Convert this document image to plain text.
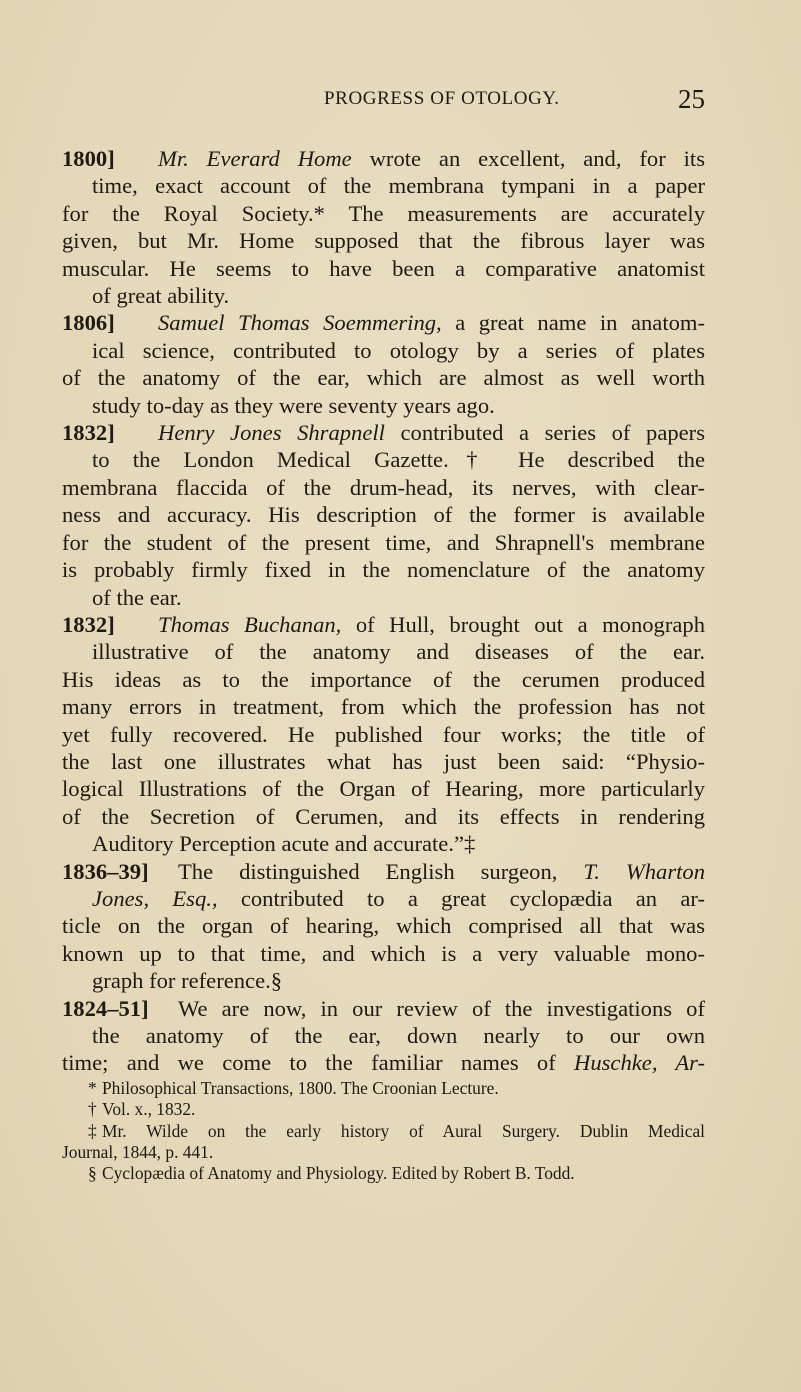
PROGRESS OF OTOLOGY.	25
1800] Mr. Everard Home wrote an excellent, and, for its
time, exact account of the membrana tympani in a paper
for the Royal Society.* The measurements are accurately
given, but Mr. Home supposed that the fibrous layer was
muscular. He seems to have been a comparative anatomist
of great ability.
1806] Samuel Thomas Soemmering, a great name in anatom-
ical science, contributed to otology by a series of plates
of the anatomy of the ear, which are almost as well worth
study to-day as they were seventy years ago.
1832] Henry Jones Shrapnell contributed a series of papers
to the London Medical Gazette.† He described the
membrana flaccida of the drum-head, its nerves, with clear-
ness and accuracy. His description of the former is available
for the student of the present time, and Shrapnell's membrane
is probably firmly fixed in the nomenclature of the anatomy
of the ear.
1832] Thomas Buchanan, of Hull, brought out a monograph
illustrative of the anatomy and diseases of the ear.
His ideas as to the importance of the cerumen produced
many errors in treatment, from which the profession has not
yet fully recovered. He published four works; the title of
the last one illustrates what has just been said: “Physio-
logical Illustrations of the Organ of Hearing, more particularly
of the Secretion of Cerumen, and its effects in rendering
Auditory Perception acute and accurate.”‡
1836–39] The distinguished English surgeon, T. Wharton
Jones, Esq., contributed to a great cyclopædia an ar-
ticle on the organ of hearing, which comprised all that was
known up to that time, and which is a very valuable mono-
graph for reference.§
1824–51] We are now, in our review of the investigations of
the anatomy of the ear, down nearly to our own
time; and we come to the familiar names of Huschke, Ar-
* Philosophical Transactions, 1800. The Croonian Lecture.
† Vol. x., 1832.
‡ Mr. Wilde on the early history of Aural Surgery. Dublin Medical
Journal, 1844, p. 441.
§ Cyclopædia of Anatomy and Physiology. Edited by Robert B. Todd.
